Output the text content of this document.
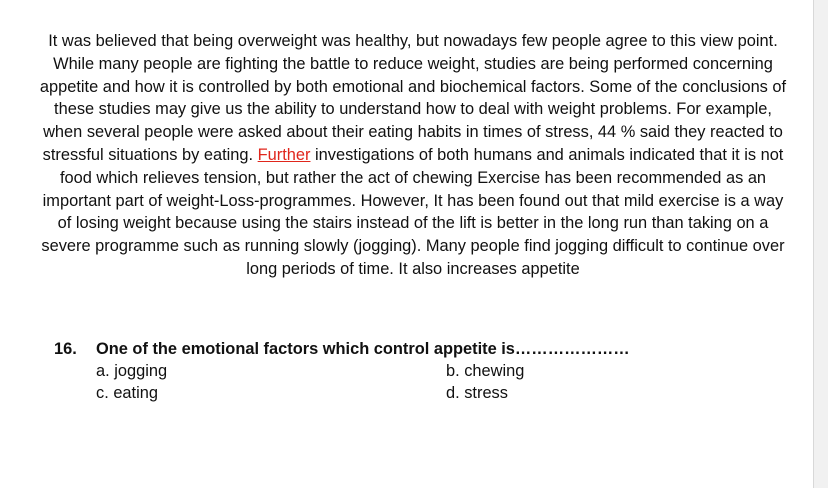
It was believed that being overweight was healthy, but nowadays few people agree to this view point. While many people are fighting the battle to reduce weight, studies are being performed concerning appetite and how it is controlled by both emotional and biochemical factors. Some of the conclusions of these studies may give us the ability to understand how to deal with weight problems. For example, when several people were asked about their eating habits in times of stress, 44 % said they reacted to stressful situations by eating. Further investigations of both humans and animals indicated that it is not food which relieves tension, but rather the act of chewing Exercise has been recommended as an important part of weight-Loss-programmes. However, It has been found out that mild exercise is a way of losing weight because using the stairs instead of the lift is better in the long run than taking on a severe programme such as running slowly (jogging). Many people find jogging difficult to continue over long periods of time. It also increases appetite
16.	One of the emotional factors which control appetite is…………………
a. jogging	b. chewing
c. eating	d. stress
